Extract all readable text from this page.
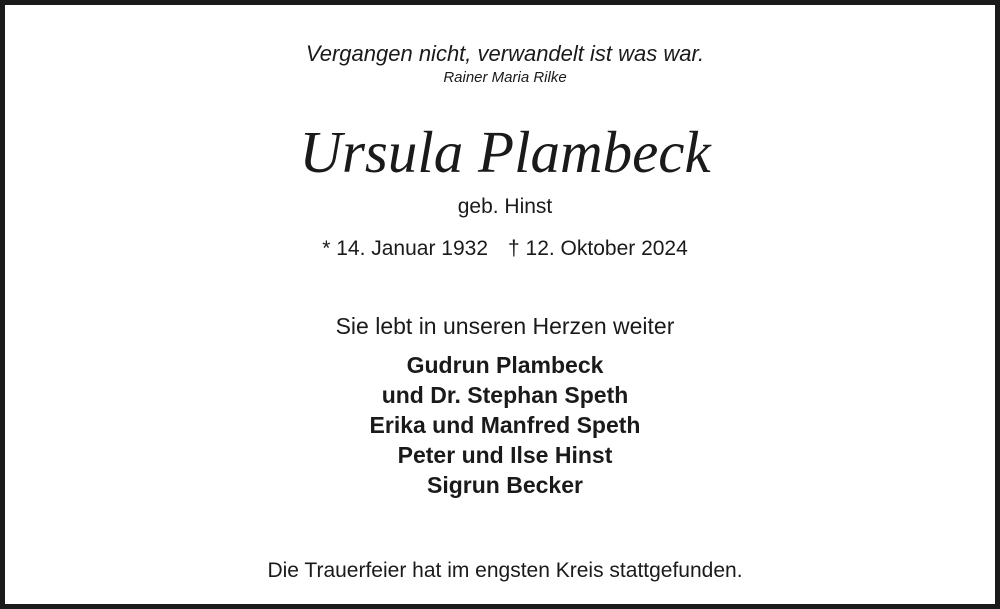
Vergangen nicht, verwandelt ist was war.
Rainer Maria Rilke
Ursula Plambeck
geb. Hinst
* 14. Januar 1932 † 12. Oktober 2024
Sie lebt in unseren Herzen weiter
Gudrun Plambeck
und Dr. Stephan Speth
Erika und Manfred Speth
Peter und Ilse Hinst
Sigrun Becker
Die Trauerfeier hat im engsten Kreis stattgefunden.
